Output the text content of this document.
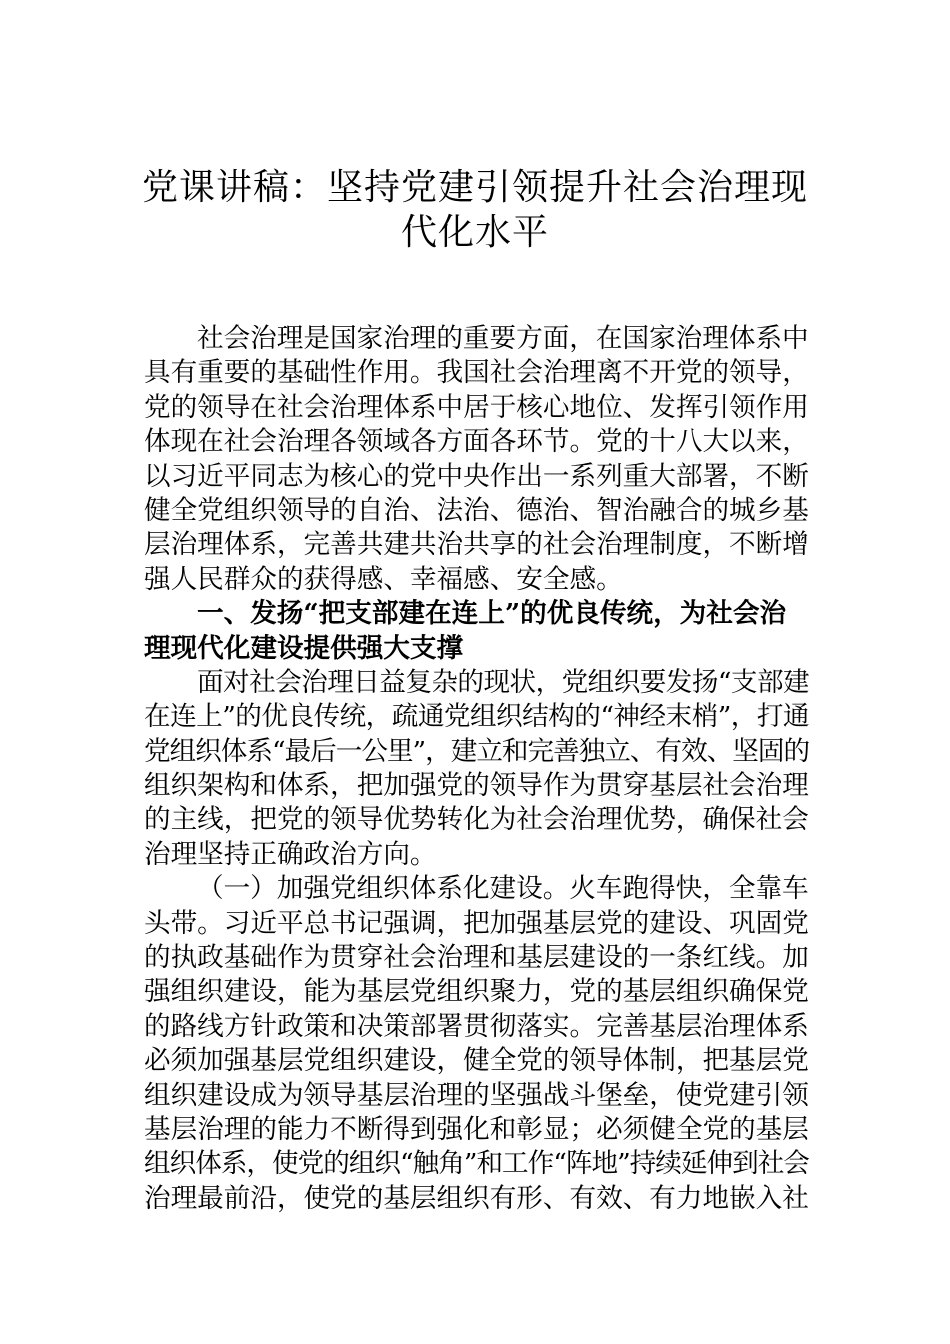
党课讲稿：坚持党建引领提升社会治理现
代化水平
社会治理是国家治理的重要方面，在国家治理体系中
具有重要的基础性作用。我国社会治理离不开党的领导，
党的领导在社会治理体系中居于核心地位、发挥引领作用
体现在社会治理各领域各方面各环节。党的十八大以来，
以习近平同志为核心的党中央作出一系列重大部署，不断
健全党组织领导的自治、法治、德治、智治融合的城乡基
层治理体系，完善共建共治共享的社会治理制度，不断增
强人民群众的获得感、幸福感、安全感。
一、发扬“把支部建在连上”的优良传统，为社会治
理现代化建设提供强大支撑
面对社会治理日益复杂的现状，党组织要发扬“支部建
在连上”的优良传统，疏通党组织结构的“神经末梢”，打通
党组织体系“最后一公里”，建立和完善独立、有效、坚固的
组织架构和体系，把加强党的领导作为贯穿基层社会治理
的主线，把党的领导优势转化为社会治理优势，确保社会
治理坚持正确政治方向。
（一）加强党组织体系化建设。火车跑得快，全靠车
头带。习近平总书记强调，把加强基层党的建设、巩固党
的执政基础作为贯穿社会治理和基层建设的一条红线。加
强组织建设，能为基层党组织聚力，党的基层组织确保党
的路线方针政策和决策部署贯彻落实。完善基层治理体系
必须加强基层党组织建设，健全党的领导体制，把基层党
组织建设成为领导基层治理的坚强战斗堡垒，使党建引领
基层治理的能力不断得到强化和彰显；必须健全党的基层
组织体系，使党的组织“触角”和工作“阵地”持续延伸到社会
治理最前沿，使党的基层组织有形、有效、有力地嵌入社
